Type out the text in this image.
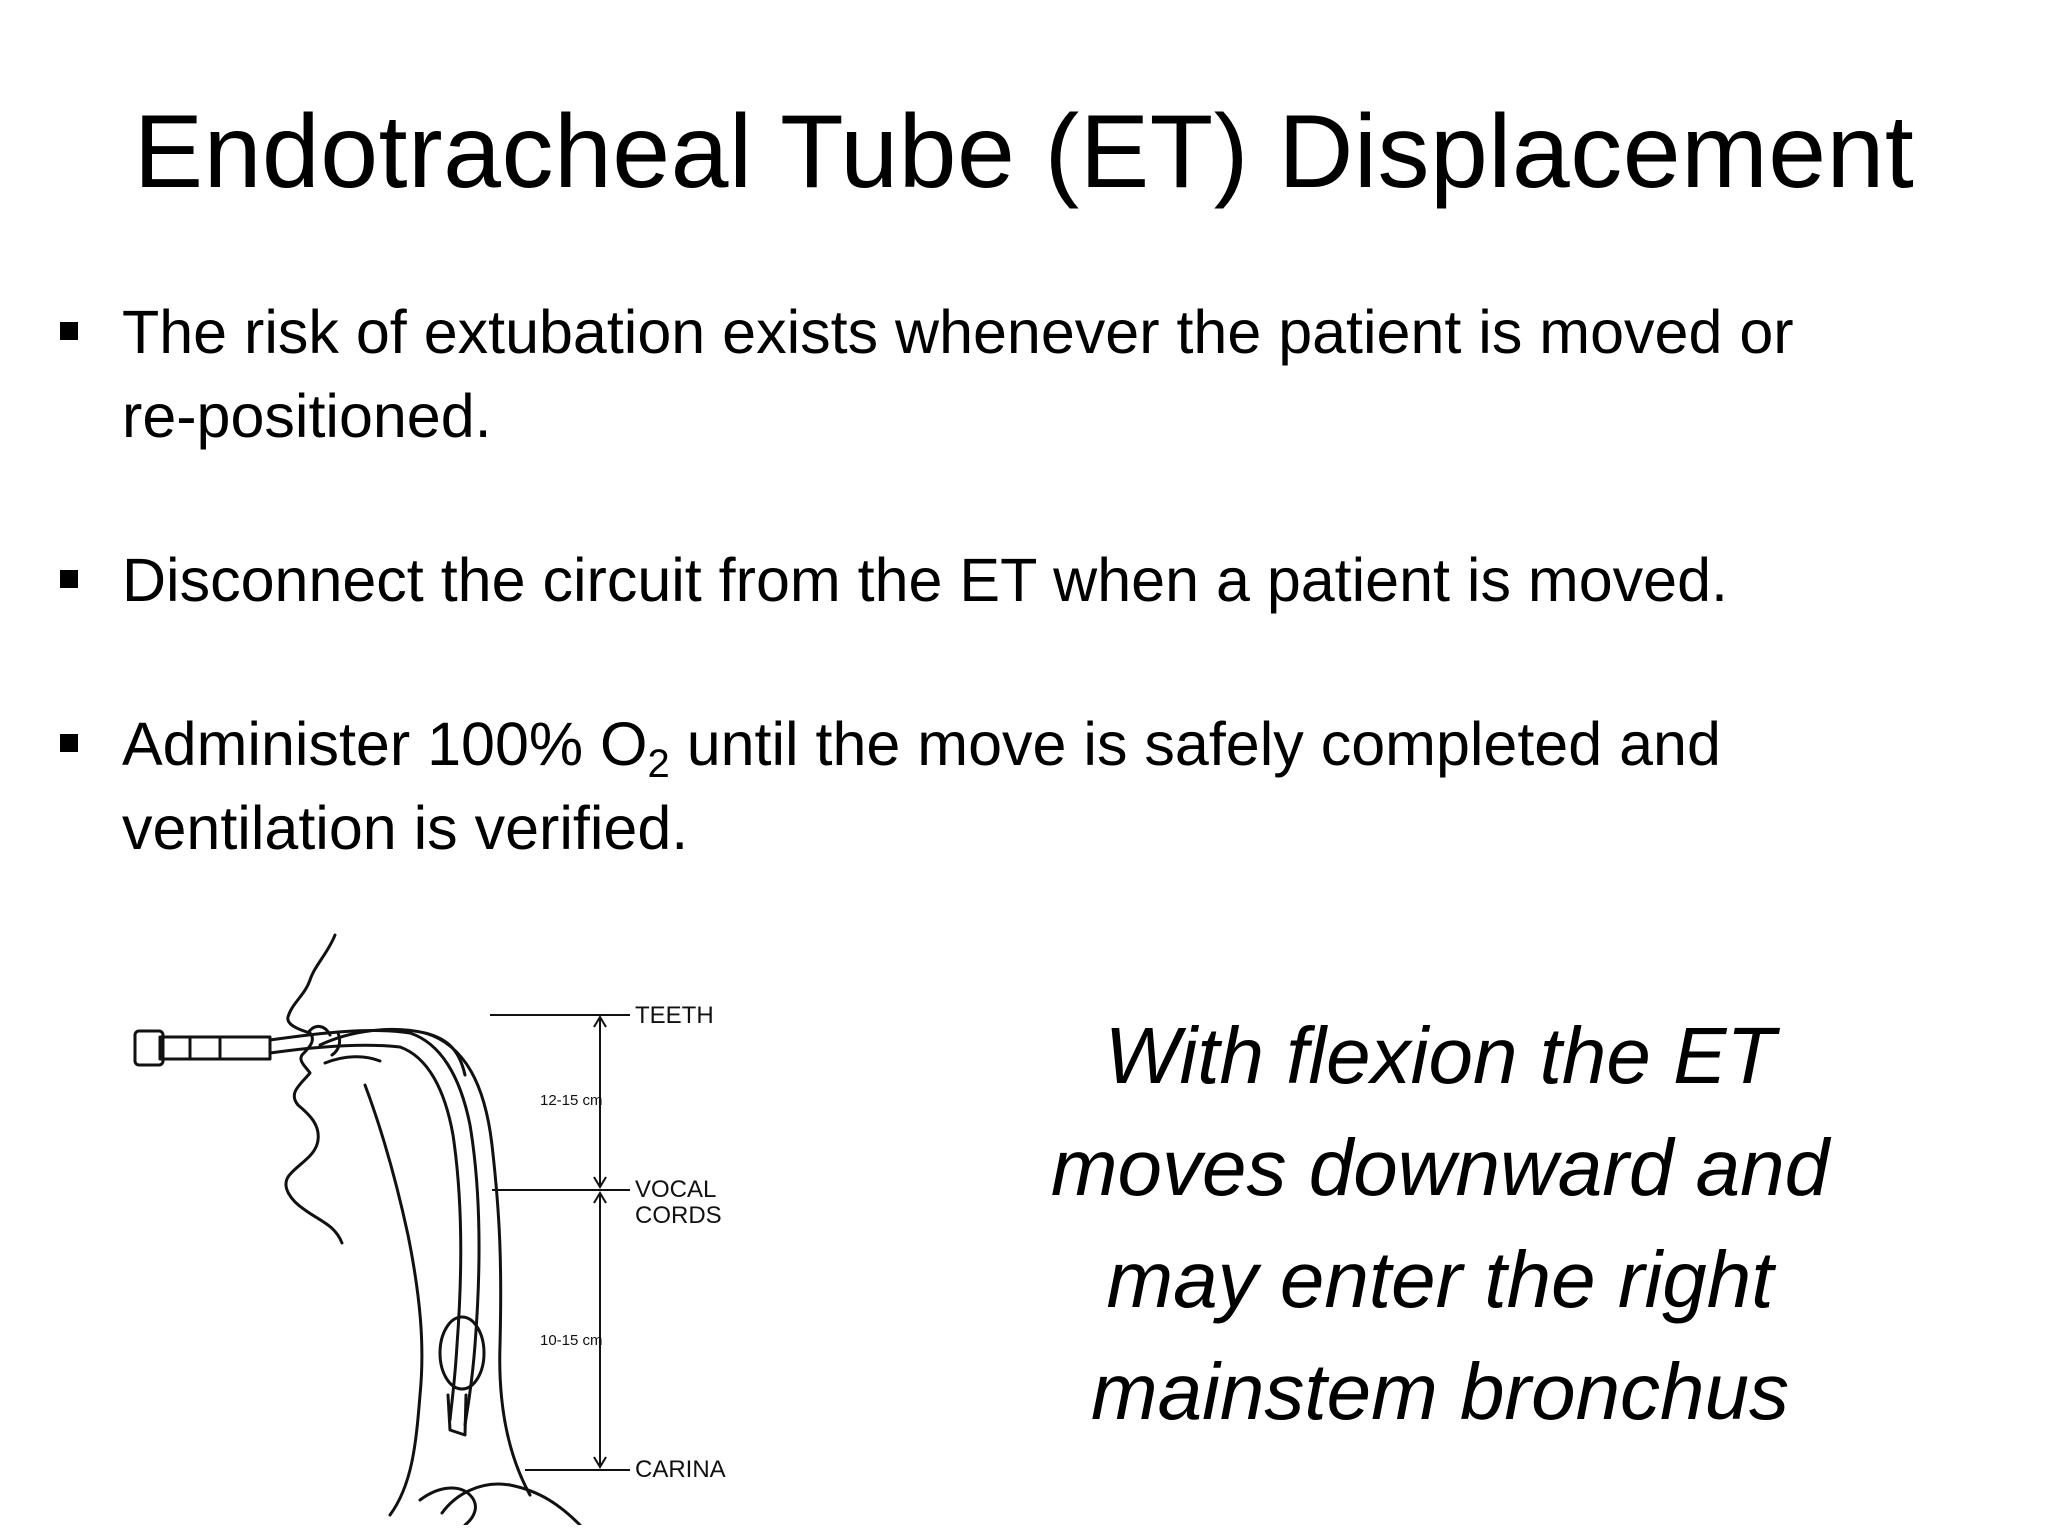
Endotracheal Tube (ET) Displacement
The risk of extubation exists whenever the patient is moved or
re-positioned.
Disconnect the circuit from the ET when a patient is moved.
Administer 100% $O_2$ until the move is safely completed and
ventilation is verified.
TEETH
VOCAL
CORDS
CARINA
12-15 cm
10-15 cm
With flexion the ET
moves downward and
may enter the right
mainstem bronchus
